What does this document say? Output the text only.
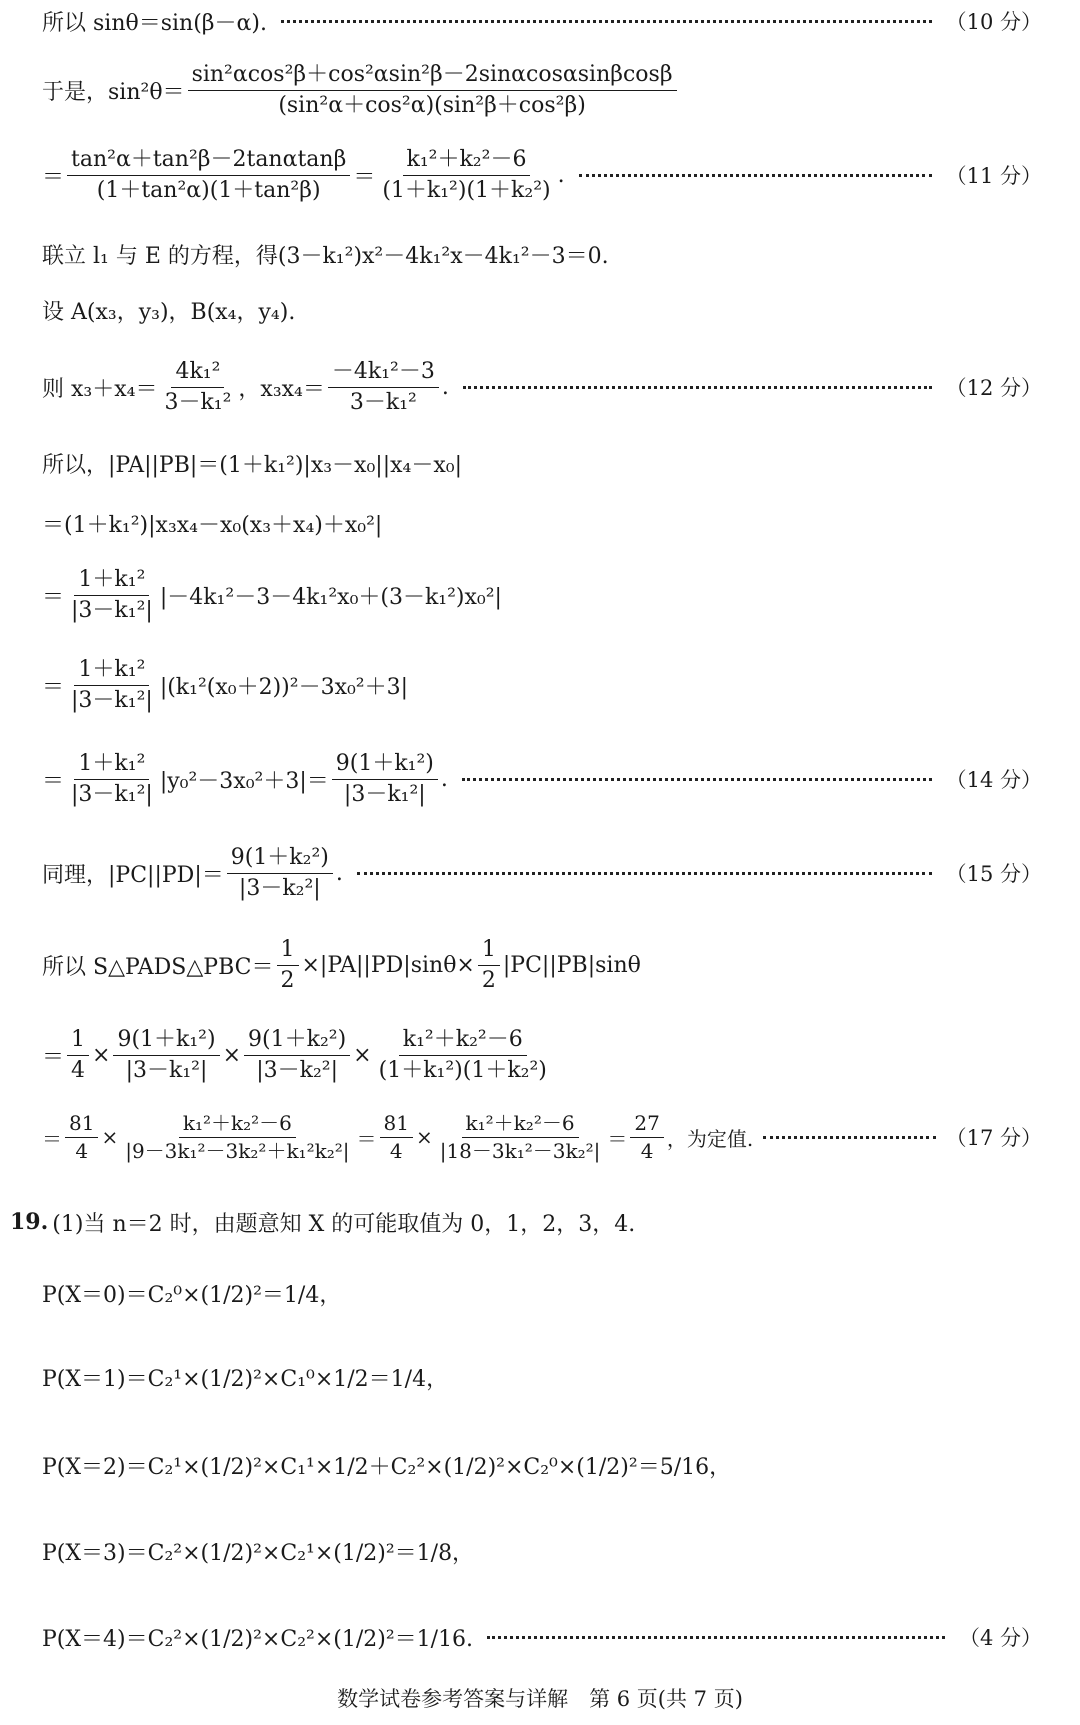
所以 sinθ＝sin(β－α).	（10 分）
于是，$\sin^2\theta= \frac{\text{sin²αcos²β＋cos²αsin²β－2sinαcosαsinβcosβ}}{\text{(sin²α＋cos²α)(sin²β＋cos²β)}}$
＝ $\frac{\text{tan²α＋tan²β－2tanαtanβ}}{\text{(1＋tan²α)(1＋tan²β)}} = \frac{\text{k₁²＋k₂²－6}}{\text{(1＋k₁²)(1＋k₂²)}}$ .	（11 分）
联立 l₁ 与 E 的方程，得(3－k₁²)x²－4k₁²x－4k₁²－3＝0.
设 A(x₃，y₃)，B(x₄，y₄).
则 $x_3+x_4= \frac{\text{4k₁²}}{\text{3－k₁²}}$ ，$x_3x_4= \frac{\text{－4k₁²－3}}{\text{3－k₁²}}$ .	（12 分）
所以，|PA||PB|＝(1＋k₁²)|x₃－x₀||x₄－x₀|
＝(1＋k₁²)|x₃x₄－x₀(x₃＋x₄)＋x₀²|
＝ $\frac{\text{1＋k₁²}}{\text{|3－k₁²|}} |-4k_1^2-3-4k_1^2x_0+(3-k_1^2)x_0^2|$
＝ $\frac{\text{1＋k₁²}}{\text{|3－k₁²|}} |(k_1^2(x_0+2))^2-3x_0^2+3|$
＝ $\frac{\text{1＋k₁²}}{\text{|3－k₁²|}} |y_0^2-3x_0^2+3|= \frac{\text{9(1＋k₁²)}}{\text{|3－k₁²|}}$ .	（14 分）
同理，$|PC||PD|= \frac{\text{9(1＋k₂²)}}{\text{|3－k₂²|}}$ .	（15 分）
所以 S△PADS△PBC＝ $\frac{1}{2} \times|PA||PD|\sin\theta\times \frac{1}{2} |PC||PB|\sin\theta$
＝ $\frac{1}{4} \times \frac{\text{9(1＋k₁²)}}{\text{|3－k₁²|}} \times \frac{\text{9(1＋k₂²)}}{\text{|3－k₂²|}} \times \frac{\text{k₁²＋k₂²－6}}{\text{(1＋k₁²)(1＋k₂²)}}$
＝ $\frac{81}{4} \times \frac{\text{k₁²＋k₂²－6}}{\text{|9－3k₁²－3k₂²＋k₁²k₂²|}} = \frac{81}{4} \times \frac{\text{k₁²＋k₂²－6}}{\text{|18－3k₁²－3k₂²|}} = \frac{27}{4}$ ，为定值.	（17 分）
19. (1)当 n＝2 时，由题意知 X 的可能取值为 0，1，2，3，4.
P(X＝0)＝C₂⁰×(1/2)²＝1/4，
P(X＝1)＝C₂¹×(1/2)²×C₁⁰×1/2＝1/4，
P(X＝2)＝C₂¹×(1/2)²×C₁¹×1/2＋C₂²×(1/2)²×C₂⁰×(1/2)²＝5/16，
P(X＝3)＝C₂²×(1/2)²×C₂¹×(1/2)²＝1/8，
P(X＝4)＝C₂²×(1/2)²×C₂²×(1/2)²＝1/16.	（4 分）
数学试卷参考答案与详解　第 6 页(共 7 页)
